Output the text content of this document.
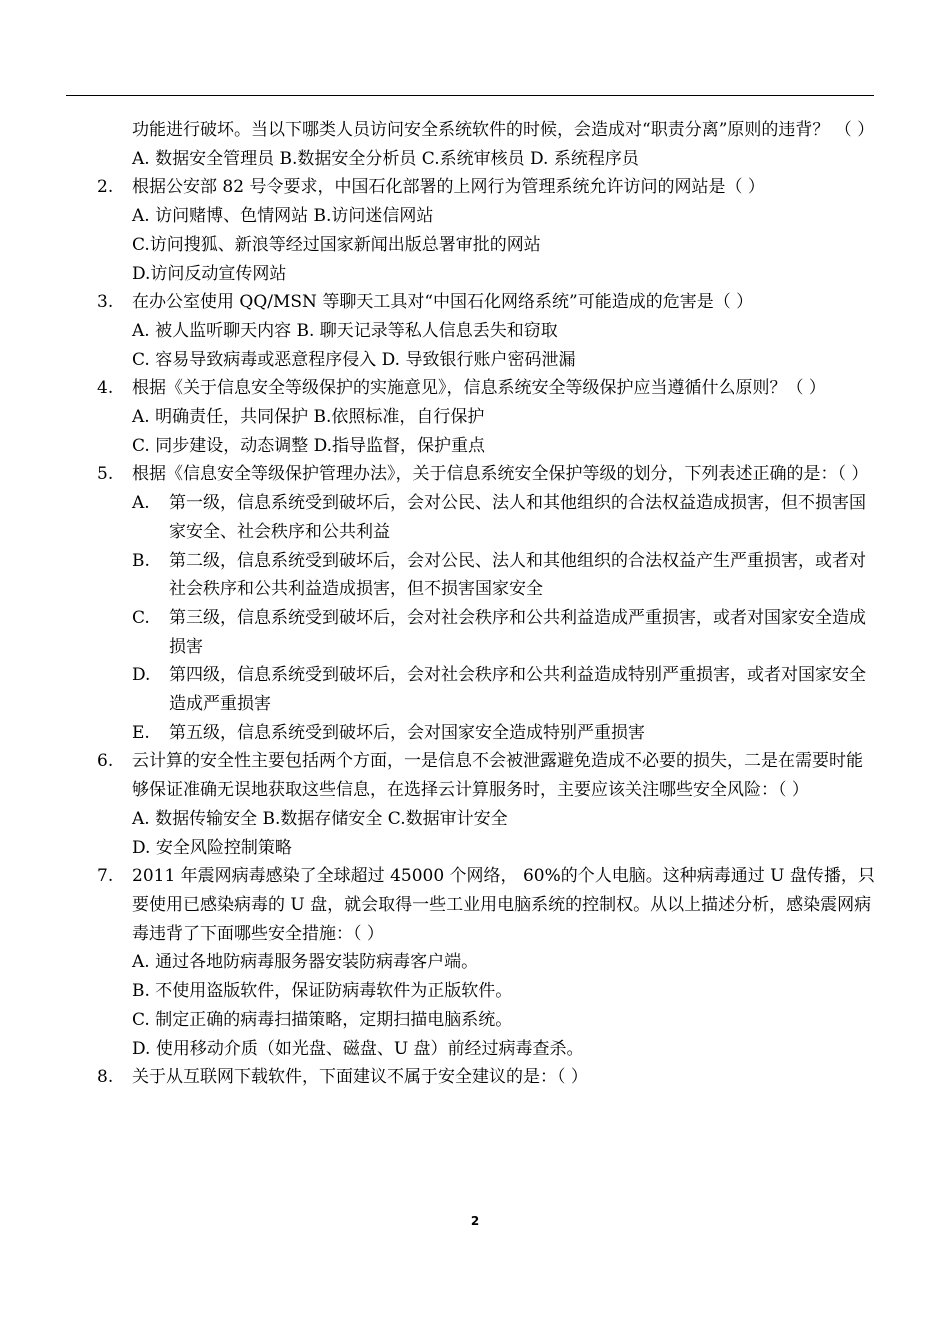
功能进行破坏。当以下哪类人员访问安全系统软件的时候，会造成对“职责分离”原则的违背？ （ ）
A. 数据安全管理员 B.数据安全分析员 C.系统审核员 D. 系统程序员
2. 根据公安部 82 号令要求，中国石化部署的上网行为管理系统允许访问的网站是（ ）
A. 访问赌博、色情网站 B.访问迷信网站
C.访问搜狐、新浪等经过国家新闻出版总署审批的网站
D.访问反动宣传网站
3. 在办公室使用 QQ/MSN 等聊天工具对“中国石化网络系统”可能造成的危害是（ ）
A. 被人监听聊天内容 B. 聊天记录等私人信息丢失和窃取
C. 容易导致病毒或恶意程序侵入 D. 导致银行账户密码泄漏
4. 根据《关于信息安全等级保护的实施意见》，信息系统安全等级保护应当遵循什么原则？（ ）
A. 明确责任，共同保护 B.依照标准，自行保护
C. 同步建设，动态调整 D.指导监督，保护重点
5. 根据《信息安全等级保护管理办法》，关于信息系统安全保护等级的划分，下列表述正确的是：（ ）
A. 第一级，信息系统受到破坏后，会对公民、法人和其他组织的合法权益造成损害，但不损害国家安全、社会秩序和公共利益
B. 第二级，信息系统受到破坏后，会对公民、法人和其他组织的合法权益产生严重损害，或者对社会秩序和公共利益造成损害，但不损害国家安全
C. 第三级，信息系统受到破坏后，会对社会秩序和公共利益造成严重损害，或者对国家安全造成损害
D. 第四级，信息系统受到破坏后，会对社会秩序和公共利益造成特别严重损害，或者对国家安全造成严重损害
E. 第五级，信息系统受到破坏后，会对国家安全造成特别严重损害
6. 云计算的安全性主要包括两个方面，一是信息不会被泄露避免造成不必要的损失，二是在需要时能够保证准确无误地获取这些信息，在选择云计算服务时，主要应该关注哪些安全风险：（ ）
A. 数据传输安全 B.数据存储安全 C.数据审计安全
D. 安全风险控制策略
7. 2011 年震网病毒感染了全球超过 45000 个网络， 60%的个人电脑。这种病毒通过 U 盘传播，只要使用已感染病毒的 U 盘，就会取得一些工业用电脑系统的控制权。从以上描述分析，感染震网病毒违背了下面哪些安全措施：（ ）
A. 通过各地防病毒服务器安装防病毒客户端。
B. 不使用盗版软件，保证防病毒软件为正版软件。
C. 制定正确的病毒扫描策略，定期扫描电脑系统。
D. 使用移动介质（如光盘、磁盘、U 盘）前经过病毒查杀。
8. 关于从互联网下载软件，下面建议不属于安全建议的是：（ ）
2
